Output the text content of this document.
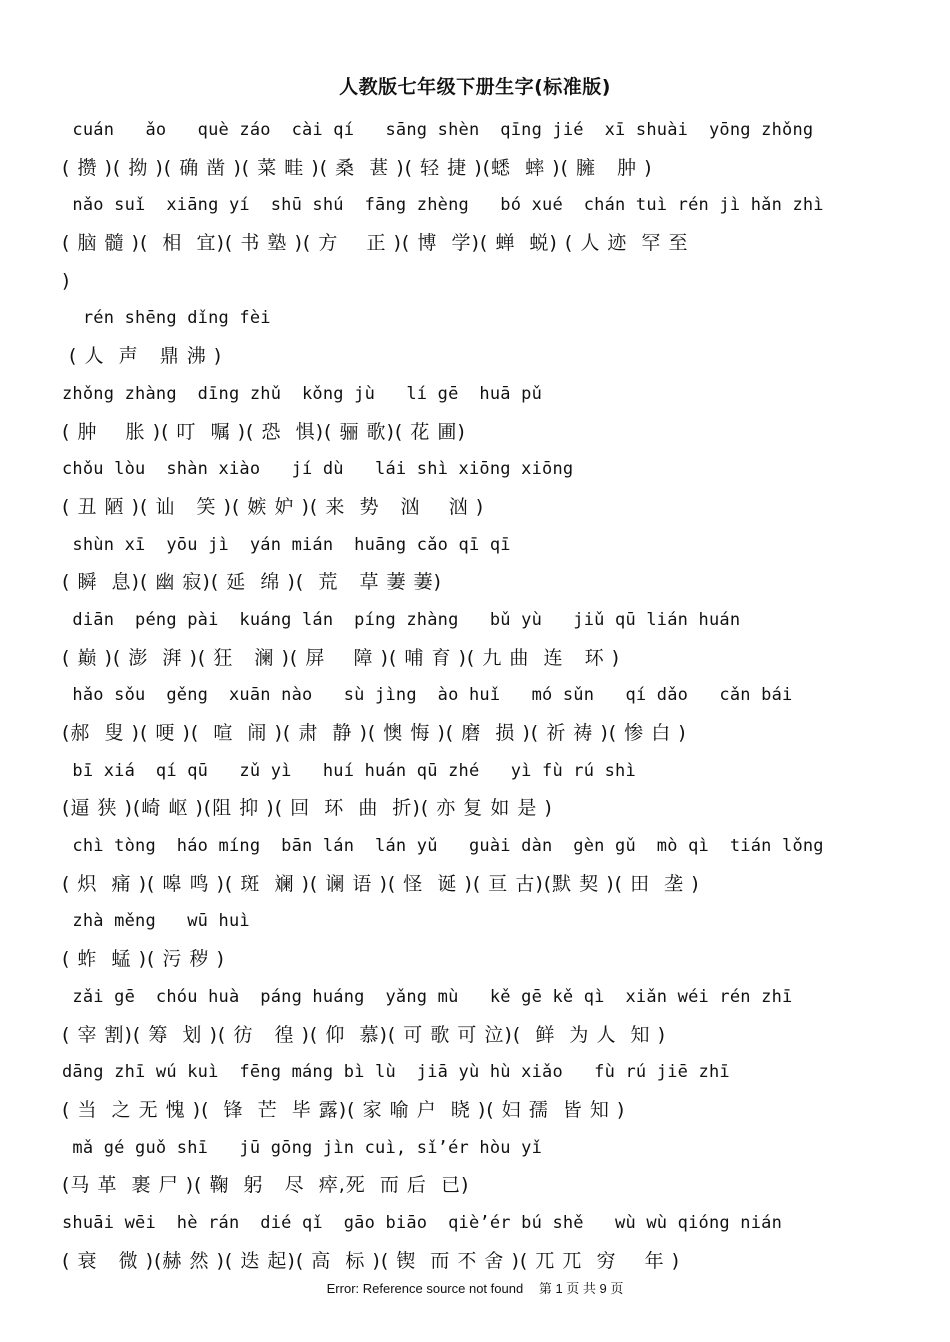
人教版七年级下册生字(标准版)
cuán   ǎo   què záo  cài qí   sāng shèn  qīng jié  xī shuài  yōng zhǒng
( 攒 )( 拗 )( 确 凿 )( 菜 畦 )( 桑  葚 )( 轻 捷 )(蟋  蟀 )( 臃   肿 )
nǎo suǐ  xiāng yí  shū shú  fāng zhèng   bó xué  chán tuì rén jì hǎn zhì
( 脑 髓 )(  相  宜)( 书 塾 )( 方    正 )( 博  学)( 蝉  蜕) ( 人 迹  罕 至
)
rén shēng dǐng fèi
( 人  声   鼎 沸 )
zhǒng zhàng  dīng zhǔ  kǒng jù   lí gē  huā pǔ
( 肿    胀 )( 叮  嘱 )( 恐  惧)( 骊 歌)( 花 圃)
chǒu lòu  shàn xiào   jí dù   lái shì xiōng xiōng
( 丑 陋 )( 讪   笑 )( 嫉 妒 )( 来  势   汹    汹 )
shùn xī  yōu jì  yán mián  huāng cǎo qī qī
( 瞬  息)( 幽 寂)( 延  绵 )(  荒   草 萋 萋)
diān  péng pài  kuáng lán  píng zhàng   bǔ yù   jiǔ qū lián huán
( 巅 )( 澎  湃 )( 狂   澜 )( 屏    障 )( 哺 育 )( 九 曲  连   环 )
hǎo sǒu  gěng  xuān nào   sù jìng  ào huǐ   mó sǔn   qí dǎo   cǎn bái
(郝  叟 )( 哽 )(  喧  闹 )( 肃  静 )( 懊 悔 )( 磨  损 )( 祈 祷 )( 惨 白 )
bī xiá  qí qū   zǔ yì   huí huán qū zhé   yì fù rú shì
(逼 狭 )(崎 岖 )(阻 抑 )( 回  环  曲  折)( 亦 复 如 是 )
chì tòng  háo míng  bān lán  lán yǔ   guài dàn  gèn gǔ  mò qì  tián lǒng
( 炽  痛 )( 嗥 鸣 )( 斑  斓 )( 谰 语 )( 怪  诞 )( 亘 古)(默 契 )( 田  垄 )
zhà měng   wū huì
( 蚱  蜢 )( 污 秽 )
zǎi gē  chóu huà  páng huáng  yǎng mù   kě gē kě qì  xiǎn wéi rén zhī
( 宰 割)( 筹  划 )( 彷   徨 )( 仰  慕)( 可 歌 可 泣)(  鲜  为 人  知 )
dāng zhī wú kuì  fēng máng bì lù  jiā yù hù xiǎo   fù rú jiē zhī
( 当  之 无 愧 )(  锋  芒  毕 露)( 家 喻 户  晓 )( 妇 孺  皆 知 )
mǎ gé guǒ shī   jū gōng jìn cuì, sǐ’ér hòu yǐ
(马 革  裹 尸 )( 鞠  躬   尽  瘁,死  而 后  已)
shuāi wēi  hè rán  dié qǐ  gāo biāo  qiè’ér bú shě   wù wù qióng nián
( 衰   微 )(赫 然 )( 迭 起)( 高  标 )( 锲  而 不 舍 )( 兀 兀  穷    年 )
Error: Reference source not found 第 1 页 共 9 页
